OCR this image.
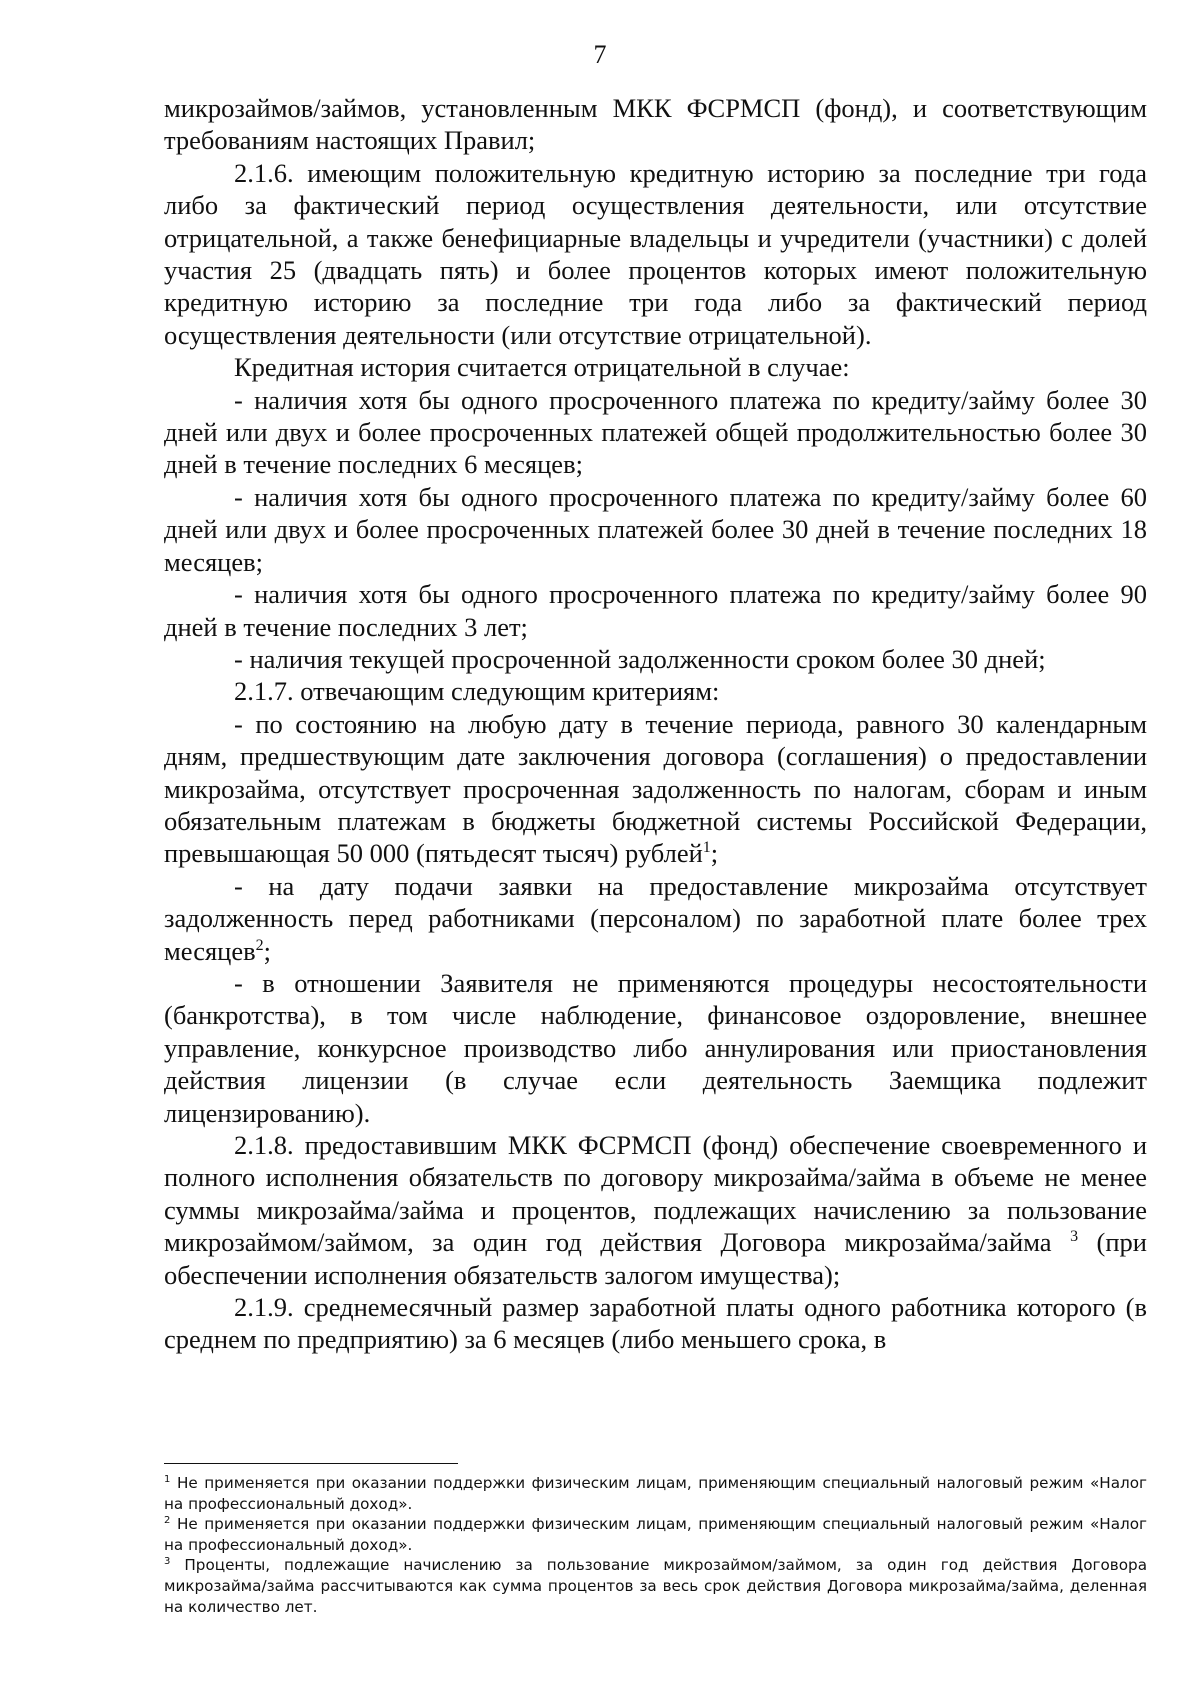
7

микрозаймов/займов, установленным МКК ФСРМСП (фонд), и соответствующим требованиям настоящих Правил;

2.1.6. имеющим положительную кредитную историю за последние три года либо за фактический период осуществления деятельности, или отсутствие отрицательной, а также бенефициарные владельцы и учредители (участники) с долей участия 25 (двадцать пять) и более процентов которых имеют положительную кредитную историю за последние три года либо за фактический период осуществления деятельности (или отсутствие отрицательной).

Кредитная история считается отрицательной в случае:

- наличия хотя бы одного просроченного платежа по кредиту/займу более 30 дней или двух и более просроченных платежей общей продолжительностью более 30 дней в течение последних 6 месяцев;

- наличия хотя бы одного просроченного платежа по кредиту/займу более 60 дней или двух и более просроченных платежей более 30 дней в течение последних 18 месяцев;

- наличия хотя бы одного просроченного платежа по кредиту/займу более 90 дней в течение последних 3 лет;

- наличия текущей просроченной задолженности сроком более 30 дней;

2.1.7. отвечающим следующим критериям:

- по состоянию на любую дату в течение периода, равного 30 календарным дням, предшествующим дате заключения договора (соглашения) о предоставлении микрозайма, отсутствует просроченная задолженность по налогам, сборам и иным обязательным платежам в бюджеты бюджетной системы Российской Федерации, превышающая 50 000 (пятьдесят тысяч) рублей$^1$;

- на дату подачи заявки на предоставление микрозайма отсутствует задолженность перед работниками (персоналом) по заработной плате более трех месяцев$^2$;

- в отношении Заявителя не применяются процедуры несостоятельности (банкротства), в том числе наблюдение, финансовое оздоровление, внешнее управление, конкурсное производство либо аннулирования или приостановления действия лицензии (в случае если деятельность Заемщика подлежит лицензированию).

2.1.8. предоставившим МКК ФСРМСП (фонд) обеспечение своевременного и полного исполнения обязательств по договору микрозайма/займа в объеме не менее суммы микрозайма/займа и процентов, подлежащих начислению за пользование микрозаймом/займом, за один год действия Договора микрозайма/займа $^3$ (при обеспечении исполнения обязательств залогом имущества);

2.1.9. среднемесячный размер заработной платы одного работника которого (в среднем по предприятию) за 6 месяцев (либо меньшего срока, в

$^1$ Не применяется при оказании поддержки физическим лицам, применяющим специальный налоговый режим «Налог на профессиональный доход».

$^2$ Не применяется при оказании поддержки физическим лицам, применяющим специальный налоговый режим «Налог на профессиональный доход».

$^3$ Проценты, подлежащие начислению за пользование микрозаймом/займом, за один год действия Договора микрозайма/займа рассчитываются как сумма процентов за весь срок действия Договора микрозайма/займа, деленная на количество лет.
